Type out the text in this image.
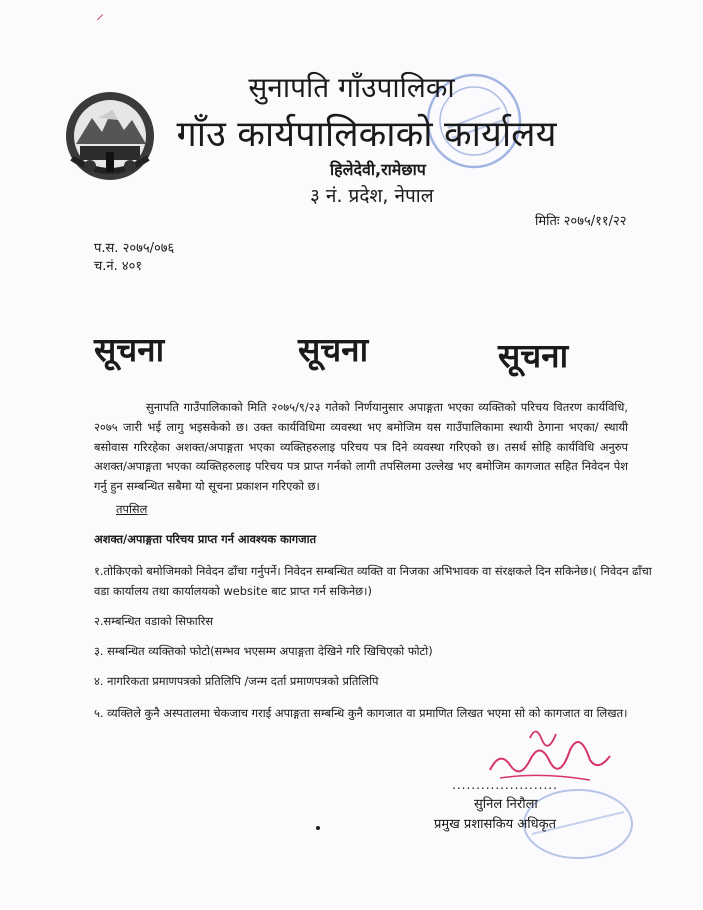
⸝
सुनापति गाँउपालिका
गाँउ कार्यपालिकाको कार्यालय
हिलेदेवी,रामेछाप
३ नं. प्रदेश, नेपाल
मितिः २०७५/११/२२
प.स. २०७५/०७६
च.नं. ४०१
सूचना	सूचना	सूचना
सुनापति गाउँपालिकाको मिति २०७५/९/२३ गतेको निर्णयानुसार अपाङ्गता भएका व्यक्तिको परिचय वितरण कार्यविधि, २०७५ जारी भई लागु भइसकेको छ। उक्त कार्यविधिमा व्यवस्था भए बमोजिम यस गाउँपालिकामा स्थायी ठेगाना भएका/ स्थायी बसोवास गरिरहेका अशक्त/अपाङ्गता भएका व्यक्तिहरुलाइ परिचय पत्र दिने व्यवस्था गरिएको छ। तसर्थ सोहि कार्यविधि अनुरुप अशक्त/अपाङ्गता भएका व्यक्तिहरुलाइ परिचय पत्र प्राप्त गर्नको लागी तपसिलमा उल्लेख भए बमोजिम कागजात सहित निवेदन पेश गर्नु हुन सम्बन्धित सबैमा यो सूचना प्रकाशन गरिएको छ।
तपसिल
अशक्त/अपाङ्गता परिचय प्राप्त गर्न आवश्यक कागजात
१.तोकिएको बमोजिमको निवेदन ढाँचा गर्नुपर्ने। निवेदन सम्बन्धित व्यक्ति वा निजका अभिभावक वा संरक्षकले दिन सकिनेछ।( निवेदन ढाँचा वडा कार्यालय तथा कार्यालयको website बाट प्राप्त गर्न सकिनेछ।)
२.सम्बन्धित वडाको सिफारिस
३. सम्बन्धित व्यक्तिको फोटो(सम्भव भएसम्म अपाङ्गता देखिने गरि खिचिएको फोटो)
४. नागरिकता प्रमाणपत्रको प्रतिलिपि /जन्म दर्ता प्रमाणपत्रको प्रतिलिपि
५. व्यक्तिले कुनै अस्पतालमा चेकजाच गराई अपाङ्गता सम्बन्धि कुनै कागजात वा प्रमाणित लिखत भएमा सो को कागजात वा लिखत।
......................
सुनिल निरौला
प्रमुख प्रशासकिय अधिकृत
